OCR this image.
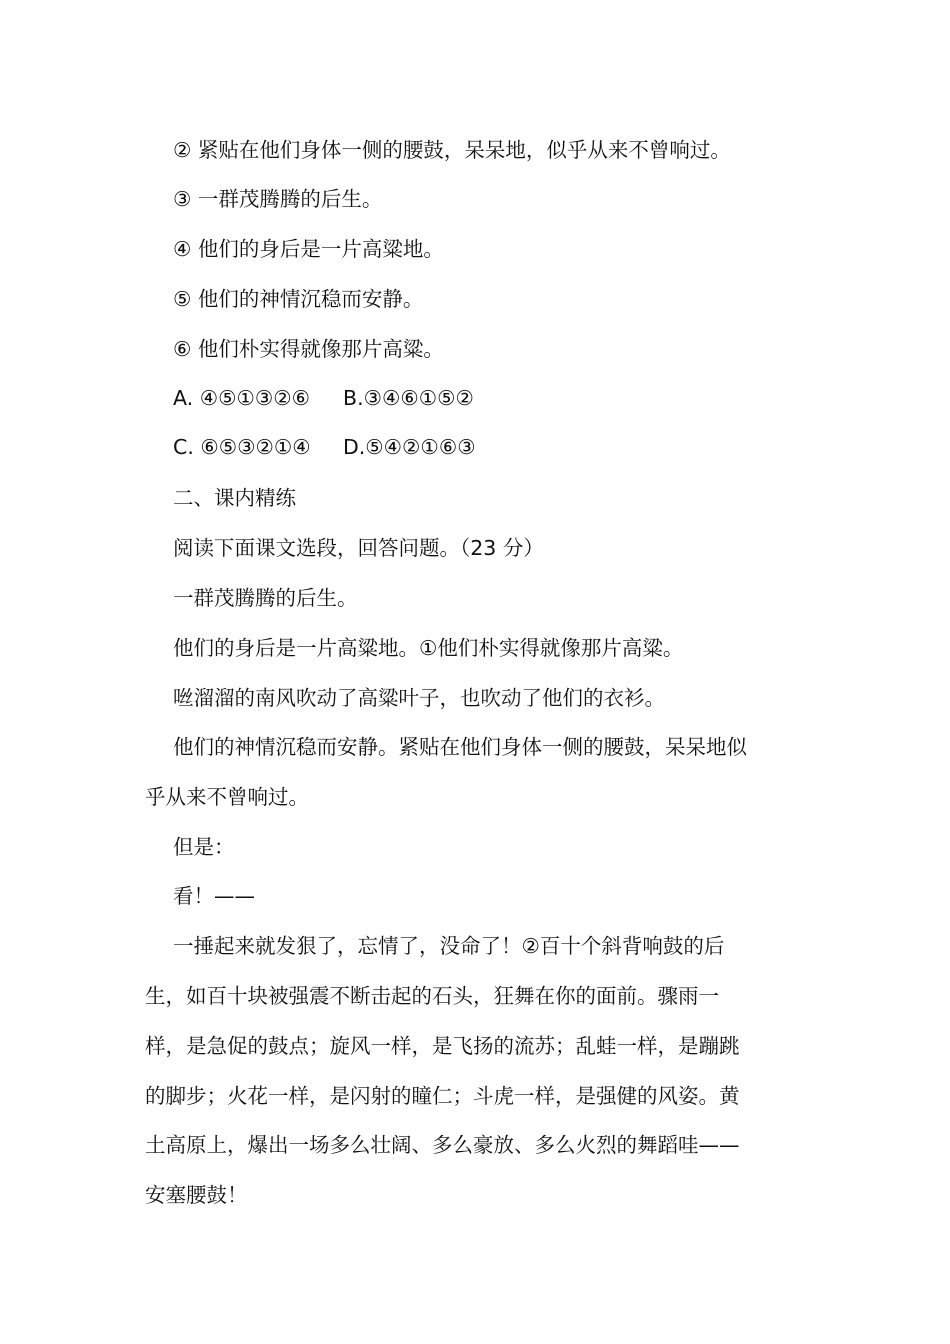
② 紧贴在他们身体一侧的腰鼓，呆呆地，似乎从来不曾响过。
③ 一群茂腾腾的后生。
④ 他们的身后是一片高粱地。
⑤ 他们的神情沉稳而安静。
⑥ 他们朴实得就像那片高粱。
A. ④⑤①③②⑥ B.③④⑥①⑤②
C. ⑥⑤③②①④ D.⑤④②①⑥③
二、课内精练
阅读下面课文选段，回答问题。（23 分）
一群茂腾腾的后生。
他们的身后是一片高粱地。①他们朴实得就像那片高粱。
咝溜溜的南风吹动了高粱叶子，也吹动了他们的衣衫。
他们的神情沉稳而安静。紧贴在他们身体一侧的腰鼓，呆呆地似
乎从来不曾响过。
但是：
看！——
一捶起来就发狠了，忘情了，没命了！②百十个斜背响鼓的后
生，如百十块被强震不断击起的石头，狂舞在你的面前。骤雨一
样，是急促的鼓点；旋风一样，是飞扬的流苏；乱蛙一样，是蹦跳
的脚步；火花一样，是闪射的瞳仁；斗虎一样，是强健的风姿。黄
土高原上，爆出一场多么壮阔、多么豪放、多么火烈的舞蹈哇——
安塞腰鼓！
